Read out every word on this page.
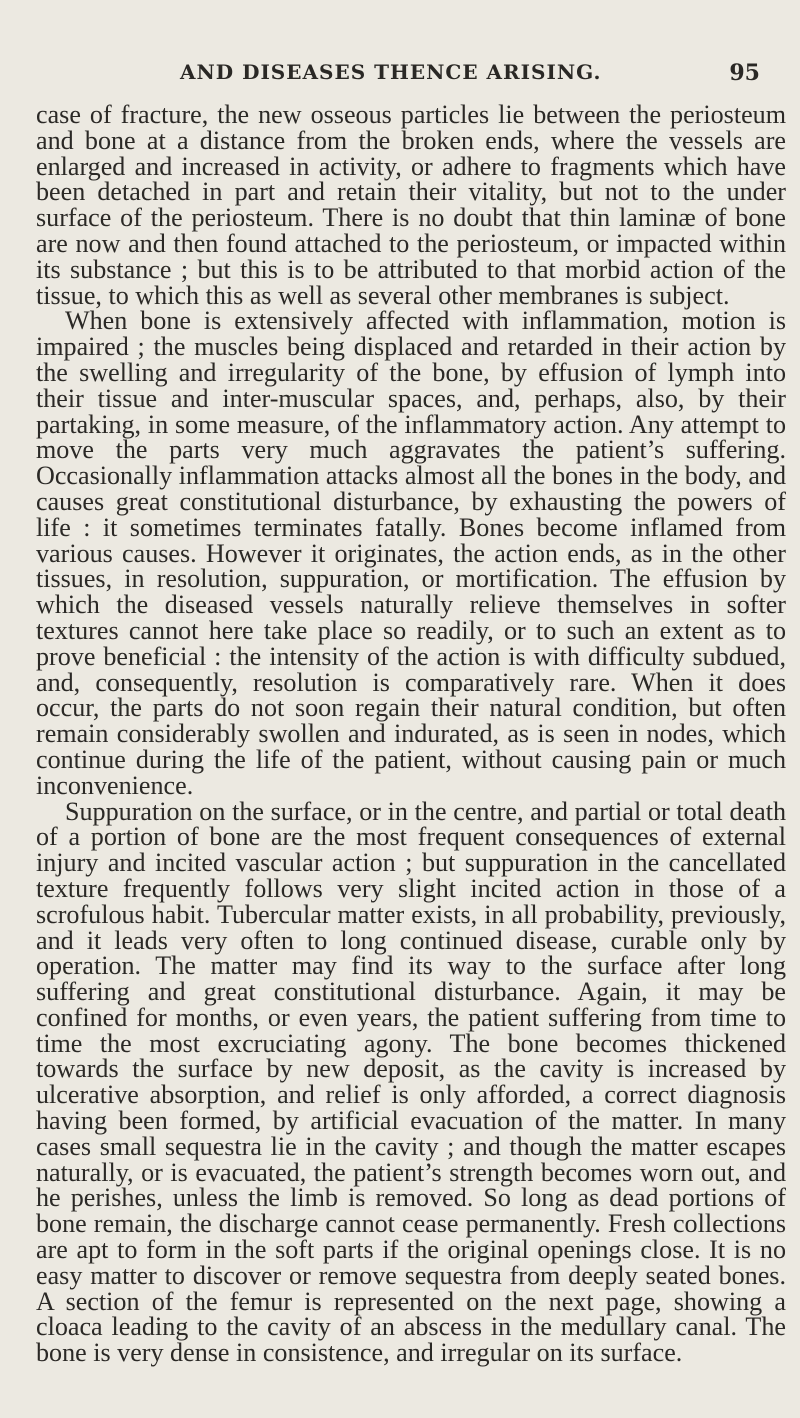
AND DISEASES THENCE ARISING.	95

case of fracture, the new osseous particles lie between the periosteum and bone at a distance from the broken ends, where the vessels are enlarged and increased in activity, or adhere to fragments which have been detached in part and retain their vitality, but not to the under surface of the periosteum. There is no doubt that thin laminæ of bone are now and then found attached to the periosteum, or impacted within its substance ; but this is to be attributed to that morbid action of the tissue, to which this as well as several other membranes is subject.

When bone is extensively affected with inflammation, motion is impaired ; the muscles being displaced and retarded in their action by the swelling and irregularity of the bone, by effusion of lymph into their tissue and inter-muscular spaces, and, perhaps, also, by their partaking, in some measure, of the inflammatory action. Any attempt to move the parts very much aggravates the patient’s suffering. Occasionally inflammation attacks almost all the bones in the body, and causes great constitutional disturbance, by exhausting the powers of life : it sometimes terminates fatally. Bones become inflamed from various causes. However it originates, the action ends, as in the other tissues, in resolution, suppuration, or mortification. The effusion by which the diseased vessels naturally relieve themselves in softer textures cannot here take place so readily, or to such an extent as to prove beneficial : the intensity of the action is with difficulty subdued, and, consequently, resolution is comparatively rare. When it does occur, the parts do not soon regain their natural condition, but often remain considerably swollen and indurated, as is seen in nodes, which continue during the life of the patient, without causing pain or much inconvenience.

Suppuration on the surface, or in the centre, and partial or total death of a portion of bone are the most frequent consequences of external injury and incited vascular action ; but suppuration in the cancellated texture frequently follows very slight incited action in those of a scrofulous habit. Tubercular matter exists, in all probability, previously, and it leads very often to long continued disease, curable only by operation. The matter may find its way to the surface after long suffering and great constitutional disturbance. Again, it may be confined for months, or even years, the patient suffering from time to time the most excruciating agony. The bone becomes thickened towards the surface by new deposit, as the cavity is increased by ulcerative absorption, and relief is only afforded, a correct diagnosis having been formed, by artificial evacuation of the matter. In many cases small sequestra lie in the cavity ; and though the matter escapes naturally, or is evacuated, the patient’s strength becomes worn out, and he perishes, unless the limb is removed. So long as dead portions of bone remain, the discharge cannot cease permanently. Fresh collections are apt to form in the soft parts if the original openings close. It is no easy matter to discover or remove sequestra from deeply seated bones. A section of the femur is represented on the next page, showing a cloaca leading to the cavity of an abscess in the medullary canal. The bone is very dense in consistence, and irregular on its surface.
